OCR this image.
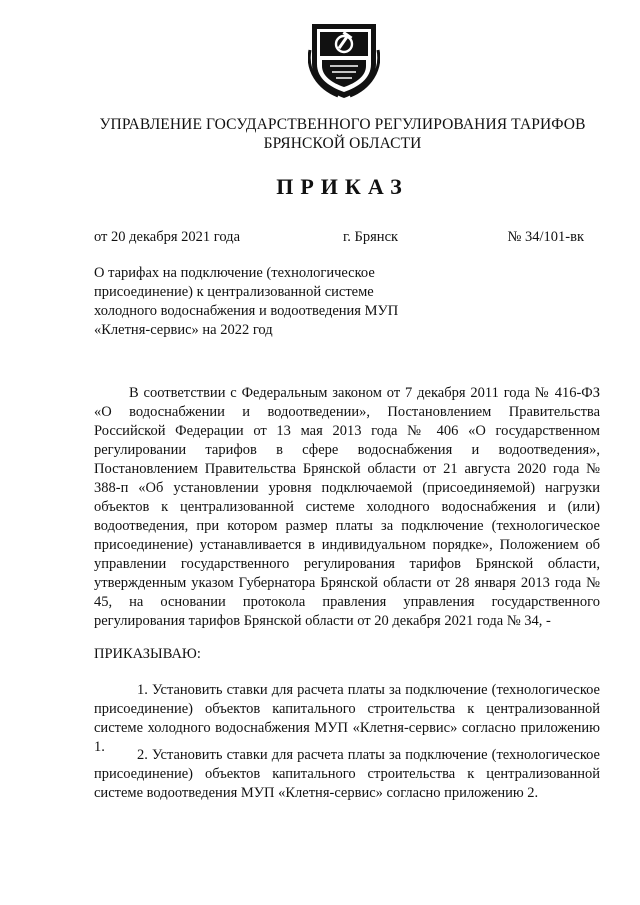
УПРАВЛЕНИЕ ГОСУДАРСТВЕННОГО РЕГУЛИРОВАНИЯ ТАРИФОВ
БРЯНСКОЙ ОБЛАСТИ
ПРИКАЗ
от 20 декабря 2021 года	г. Брянск	№ 34/101-вк
О тарифах на подключение (технологическое присоединение) к централизованной системе холодного водоснабжения и водоотведения МУП «Клетня-сервис» на 2022 год
В соответствии с Федеральным законом от 7 декабря 2011 года № 416-ФЗ «О водоснабжении и водоотведении», Постановлением Правительства Российской Федерации от 13 мая 2013 года № 406 «О государственном регулировании тарифов в сфере водоснабжения и водоотведения», Постановлением Правительства Брянской области от 21 августа 2020 года № 388-п «Об установлении уровня подключаемой (присоединяемой) нагрузки объектов к централизованной системе холодного водоснабжения и (или) водоотведения, при котором размер платы за подключение (технологическое присоединение) устанавливается в индивидуальном порядке», Положением об управлении государственного регулирования тарифов Брянской области, утвержденным указом Губернатора Брянской области от 28 января 2013 года № 45, на основании протокола правления управления государственного регулирования тарифов Брянской области от 20 декабря 2021 года № 34, -
ПРИКАЗЫВАЮ:
1. Установить ставки для расчета платы за подключение (технологическое присоединение) объектов капитального строительства к централизованной системе холодного водоснабжения МУП «Клетня-сервис» согласно приложению 1.	2. Установить ставки для расчета платы за подключение (технологическое присоединение) объектов капитального строительства к централизованной системе водоотведения МУП «Клетня-сервис» согласно приложению 2.
